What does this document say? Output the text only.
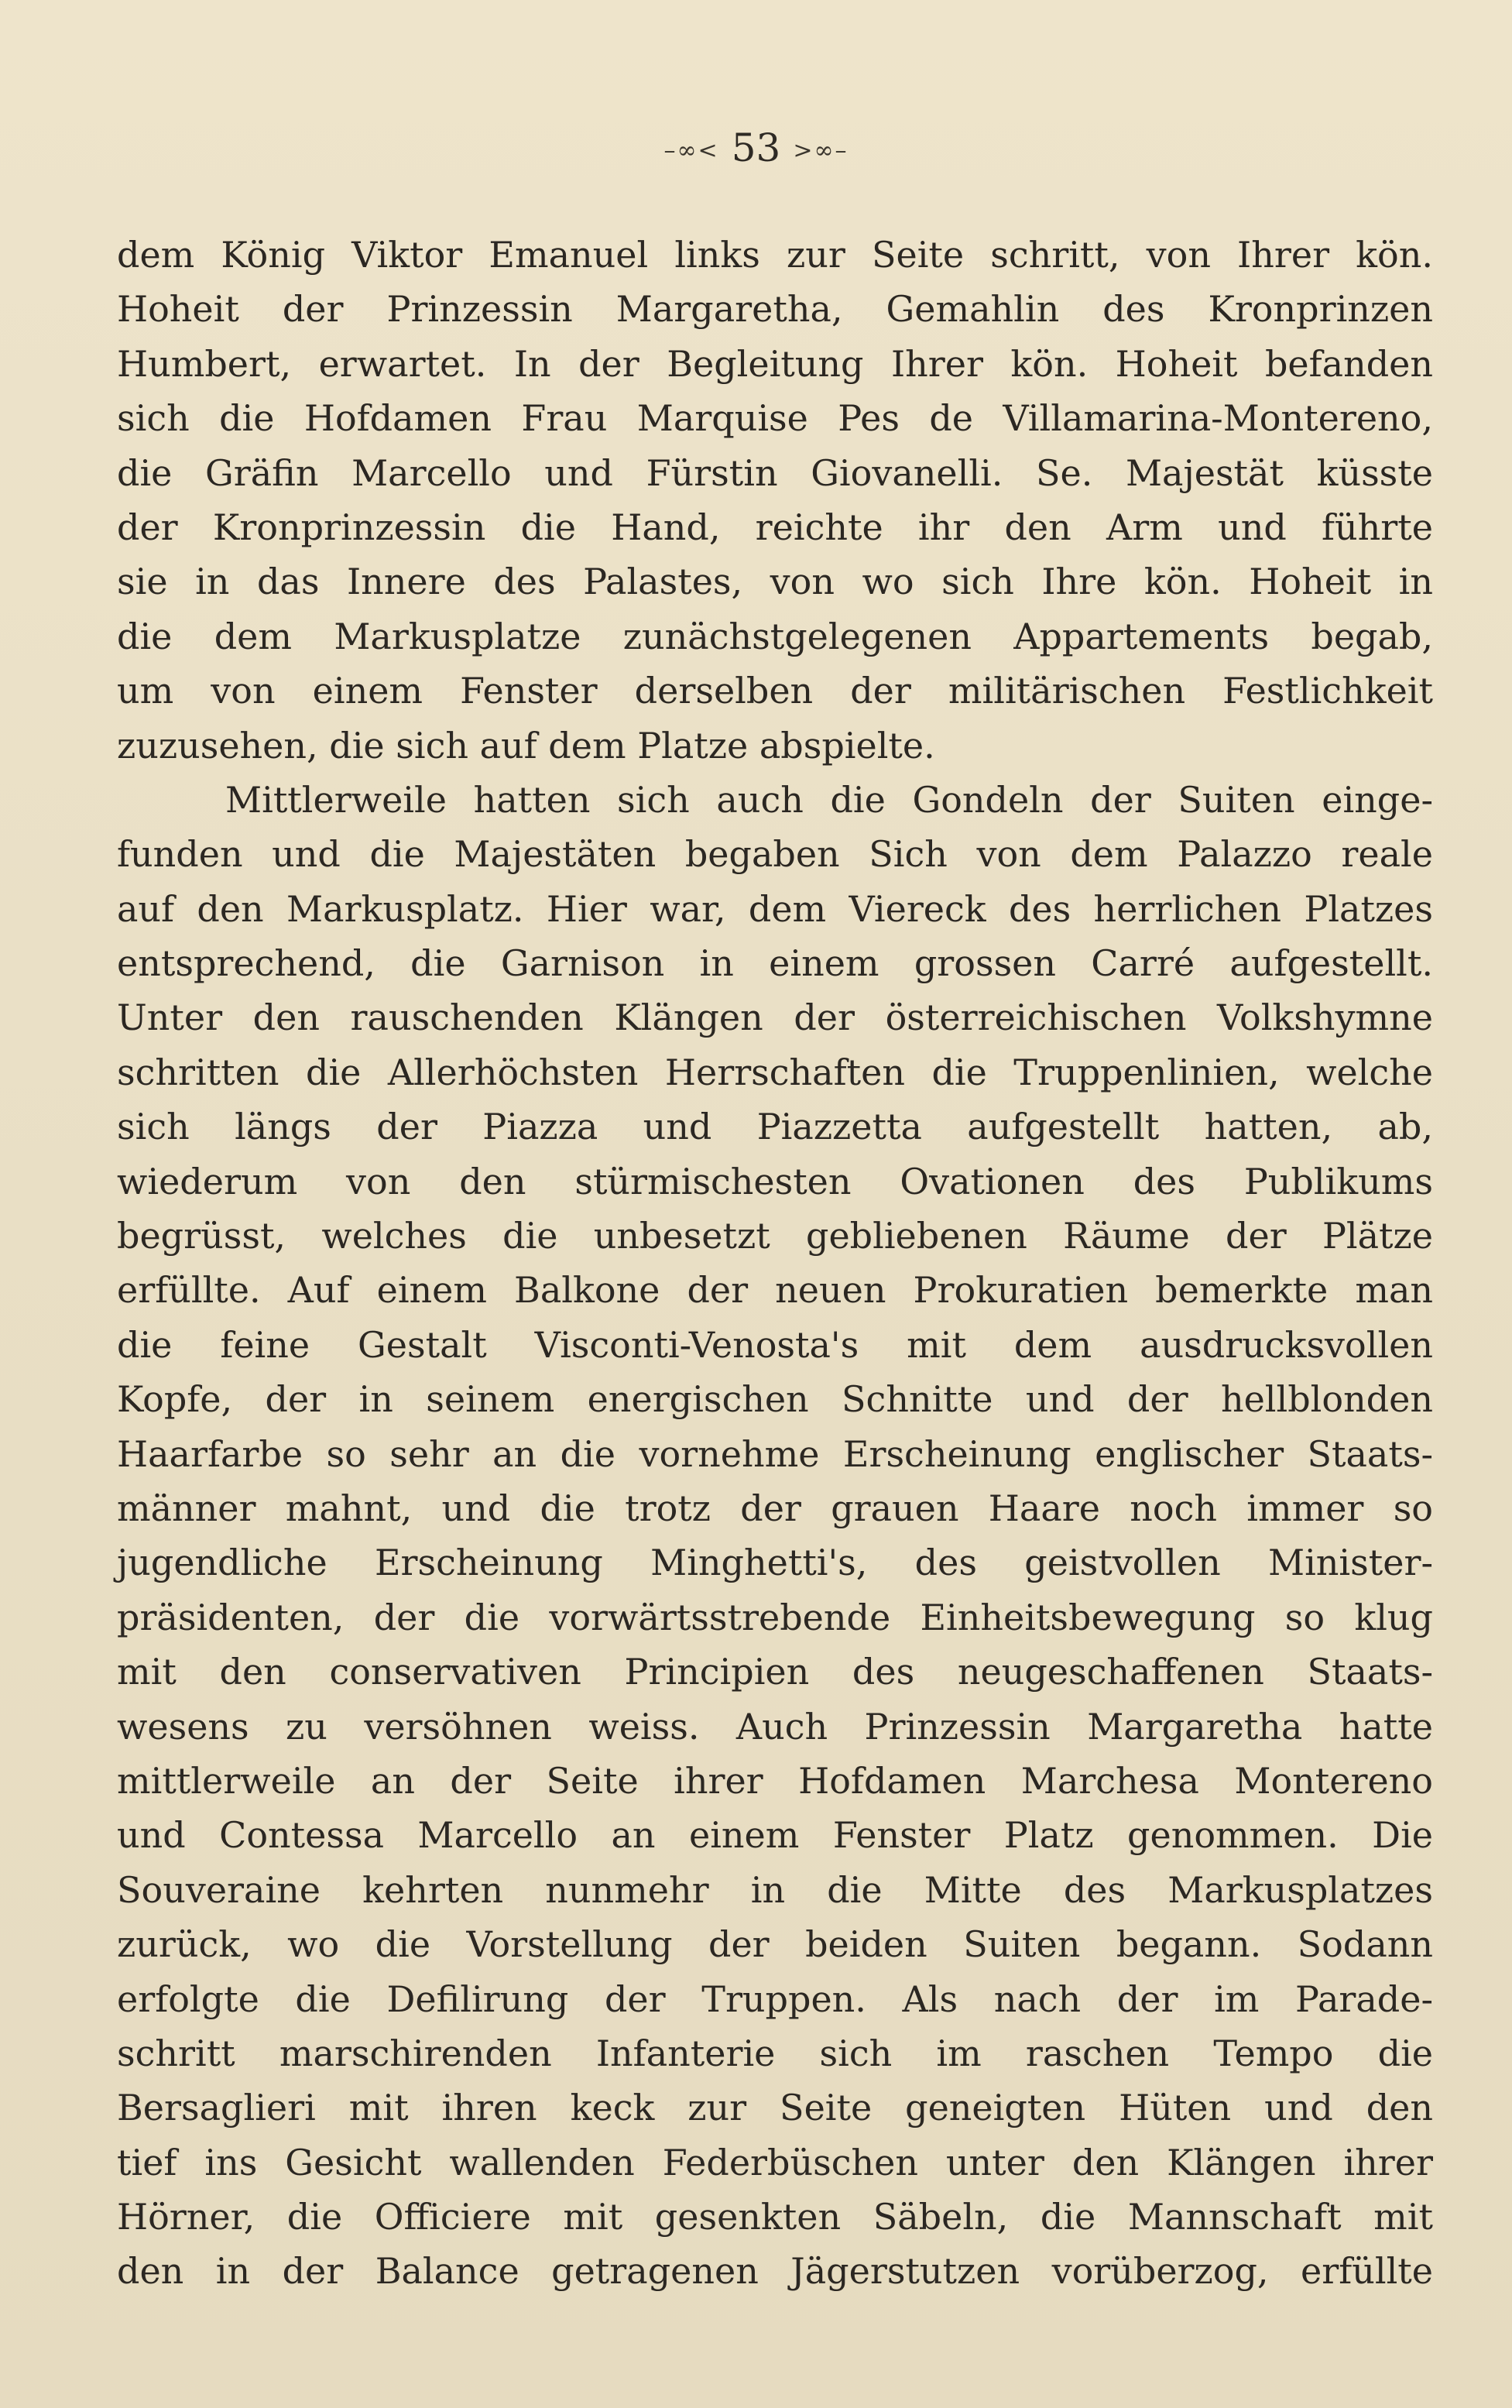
–∞< 53 >∞–
dem König Viktor Emanuel links zur Seite schritt, von Ihrer kön.
Hoheit der Prinzessin Margaretha, Gemahlin des Kronprinzen
Humbert, erwartet. In der Begleitung Ihrer kön. Hoheit befanden
sich die Hofdamen Frau Marquise Pes de Villamarina-Montereno,
die Gräfin Marcello und Fürstin Giovanelli. Se. Majestät küsste
der Kronprinzessin die Hand, reichte ihr den Arm und führte
sie in das Innere des Palastes, von wo sich Ihre kön. Hoheit in
die dem Markusplatze zunächstgelegenen Appartements begab,
um von einem Fenster derselben der militärischen Festlichkeit
zuzusehen, die sich auf dem Platze abspielte.
Mittlerweile hatten sich auch die Gondeln der Suiten einge-
funden und die Majestäten begaben Sich von dem Palazzo reale
auf den Markusplatz. Hier war, dem Viereck des herrlichen Platzes
entsprechend, die Garnison in einem grossen Carré aufgestellt.
Unter den rauschenden Klängen der österreichischen Volkshymne
schritten die Allerhöchsten Herrschaften die Truppenlinien, welche
sich längs der Piazza und Piazzetta aufgestellt hatten, ab,
wiederum von den stürmischesten Ovationen des Publikums
begrüsst, welches die unbesetzt gebliebenen Räume der Plätze
erfüllte. Auf einem Balkone der neuen Prokuratien bemerkte man
die feine Gestalt Visconti-Venosta's mit dem ausdrucksvollen
Kopfe, der in seinem energischen Schnitte und der hellblonden
Haarfarbe so sehr an die vornehme Erscheinung englischer Staats-
männer mahnt, und die trotz der grauen Haare noch immer so
jugendliche Erscheinung Minghetti's, des geistvollen Minister-
präsidenten, der die vorwärtsstrebende Einheitsbewegung so klug
mit den conservativen Principien des neugeschaffenen Staats-
wesens zu versöhnen weiss. Auch Prinzessin Margaretha hatte
mittlerweile an der Seite ihrer Hofdamen Marchesa Montereno
und Contessa Marcello an einem Fenster Platz genommen. Die
Souveraine kehrten nunmehr in die Mitte des Markusplatzes
zurück, wo die Vorstellung der beiden Suiten begann. Sodann
erfolgte die Defilirung der Truppen. Als nach der im Parade-
schritt marschirenden Infanterie sich im raschen Tempo die
Bersaglieri mit ihren keck zur Seite geneigten Hüten und den
tief ins Gesicht wallenden Federbüschen unter den Klängen ihrer
Hörner, die Officiere mit gesenkten Säbeln, die Mannschaft mit
den in der Balance getragenen Jägerstutzen vorüberzog, erfüllte
